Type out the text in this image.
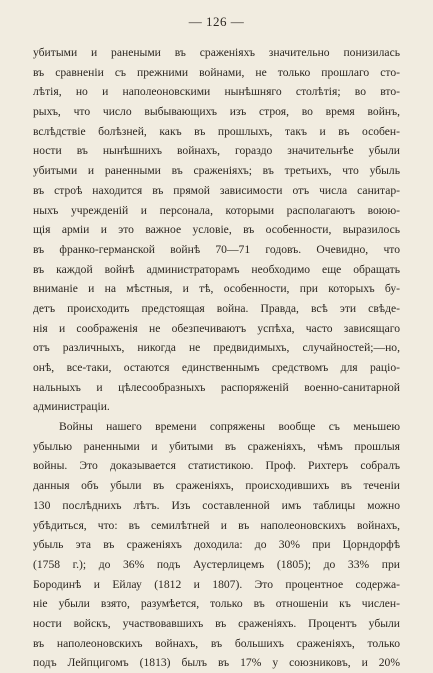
— 126 —
убитыми и ранеными въ сраженіяхъ значительно понизилась
въ сравненіи съ прежними войнами, не только прошлаго сто-
лѣтія, но и наполеоновскими нынѣшняго столѣтія; во вто-
рыхъ, что число выбывающихъ изъ строя, во время войнъ,
вслѣдствіе болѣзней, какъ въ прошлыхъ, такъ и въ особен-
ности въ нынѣшнихъ войнахъ, гораздо значительнѣе убыли
убитыми и раненными въ сраженіяхъ; въ третьихъ, что убыль
въ строѣ находится въ прямой зависимости отъ числа санитар-
ныхъ учрежденій и персонала, которыми располагаютъ воюю-
щія арміи и это важное условіе, въ особенности, выразилось
въ франко-германской войнѣ 70—71 годовъ. Очевидно, что
въ каждой войнѣ администраторамъ необходимо еще обращать
вниманіе и на мѣстныя, и тѣ, особенности, при которыхъ бу-
детъ происходить предстоящая война. Правда, всѣ эти свѣде-
нія и соображенія не обезпечиваютъ успѣха, часто зависящаго
отъ различныхъ, никогда не предвидимыхъ, случайностей;—но,
онѣ, все-таки, остаются единственнымъ средствомъ для раціо-
нальныхъ и цѣлесообразныхъ распоряженій военно-санитарной
администраціи.
Войны нашего времени сопряжены вообще съ меньшею
убылью раненными и убитыми въ сраженіяхъ, чѣмъ прошлыя
войны. Это доказывается статистикою. Проф. Рихтеръ собралъ
данныя объ убыли въ сраженіяхъ, происходившихъ въ теченіи
130 послѣднихъ лѣтъ. Изъ составленной имъ таблицы можно
убѣдиться, что: въ семилѣтней и въ наполеоновскихъ войнахъ,
убыль эта въ сраженіяхъ доходила: до 30% при Цорндорфѣ
(1758 г.); до 36% подъ Аустерлицемъ (1805); до 33% при
Бородинѣ и Ейлау (1812 и 1807). Это процентное содержа-
ніе убыли взято, разумѣется, только въ отношеніи къ числен-
ности войскъ, участвовавшихъ въ сраженіяхъ. Процентъ убыли
въ наполеоновскихъ войнахъ, въ большихъ сраженіяхъ, только
подъ Лейпцигомъ (1813) былъ въ 17% у союзниковъ, и 20%
